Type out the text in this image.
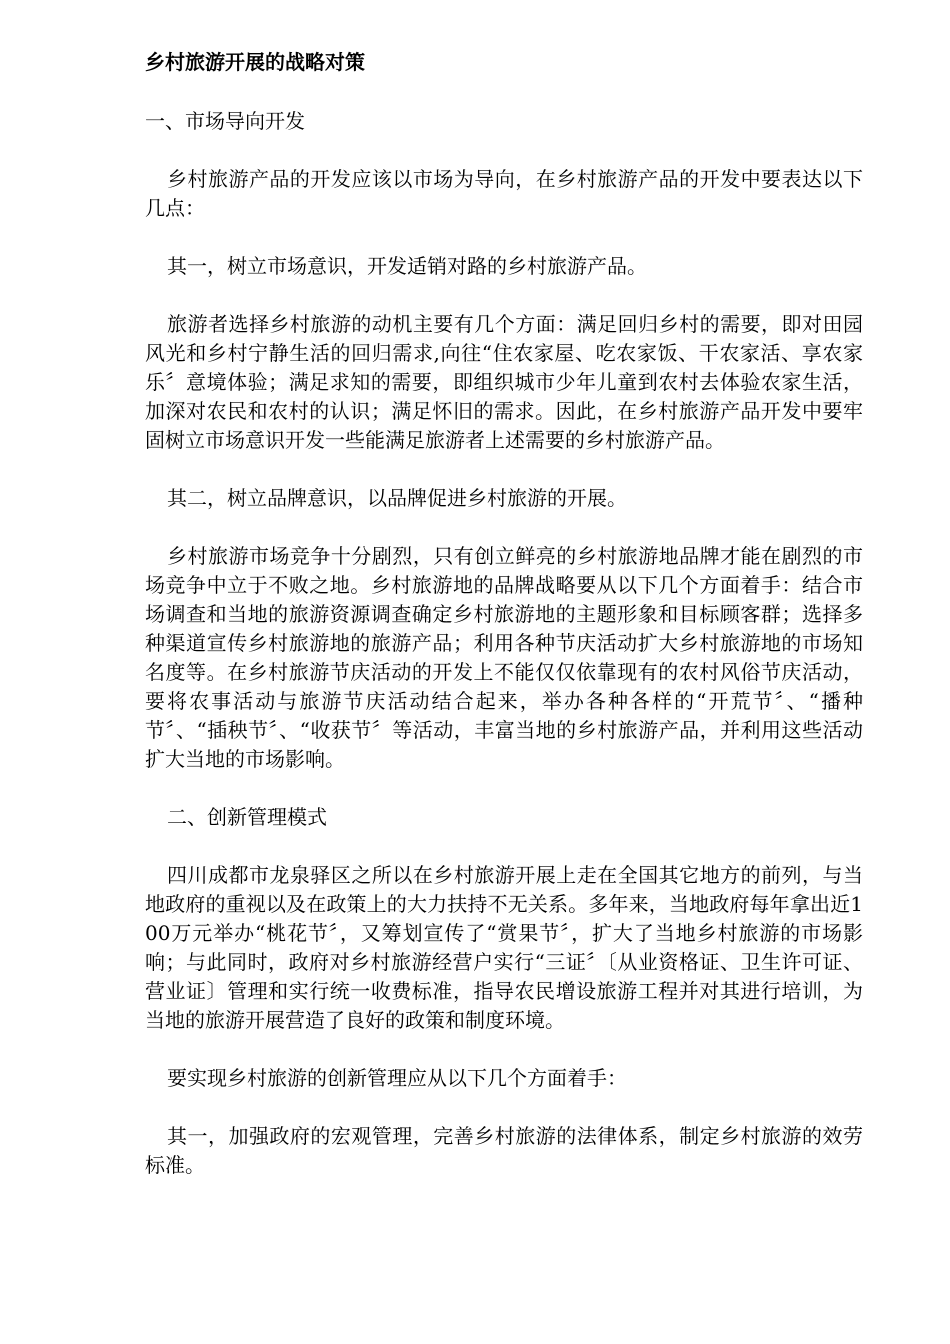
乡村旅游开展的战略对策
一、市场导向开发

乡村旅游产品的开发应该以市场为导向，在乡村旅游产品的开发中要表达以下几点：

其一，树立市场意识，开发适销对路的乡村旅游产品。

旅游者选择乡村旅游的动机主要有几个方面：满足回归乡村的需要，即对田园风光和乡村宁静生活的回归需求,向往“住农家屋、吃农家饭、干农家活、享农家乐〞意境体验；满足求知的需要，即组织城市少年儿童到农村去体验农家生活，加深对农民和农村的认识；满足怀旧的需求。因此，在乡村旅游产品开发中要牢固树立市场意识开发一些能满足旅游者上述需要的乡村旅游产品。

其二，树立品牌意识，以品牌促进乡村旅游的开展。

乡村旅游市场竞争十分剧烈，只有创立鲜亮的乡村旅游地品牌才能在剧烈的市场竞争中立于不败之地。乡村旅游地的品牌战略要从以下几个方面着手：结合市场调查和当地的旅游资源调查确定乡村旅游地的主题形象和目标顾客群；选择多种渠道宣传乡村旅游地的旅游产品；利用各种节庆活动扩大乡村旅游地的市场知名度等。在乡村旅游节庆活动的开发上不能仅仅依靠现有的农村风俗节庆活动，要将农事活动与旅游节庆活动结合起来，举办各种各样的“开荒节〞、“播种节〞、“插秧节〞、“收获节〞等活动，丰富当地的乡村旅游产品，并利用这些活动扩大当地的市场影响。

二、创新管理模式

四川成都市龙泉驿区之所以在乡村旅游开展上走在全国其它地方的前列，与当地政府的重视以及在政策上的大力扶持不无关系。多年来，当地政府每年拿出近100万元举办“桃花节〞，又筹划宣传了“赏果节〞，扩大了当地乡村旅游的市场影响；与此同时，政府对乡村旅游经营户实行“三证〞〔从业资格证、卫生许可证、营业证〕管理和实行统一收费标准，指导农民增设旅游工程并对其进行培训，为当地的旅游开展营造了良好的政策和制度环境。

要实现乡村旅游的创新管理应从以下几个方面着手：

其一，加强政府的宏观管理，完善乡村旅游的法律体系，制定乡村旅游的效劳标准。
